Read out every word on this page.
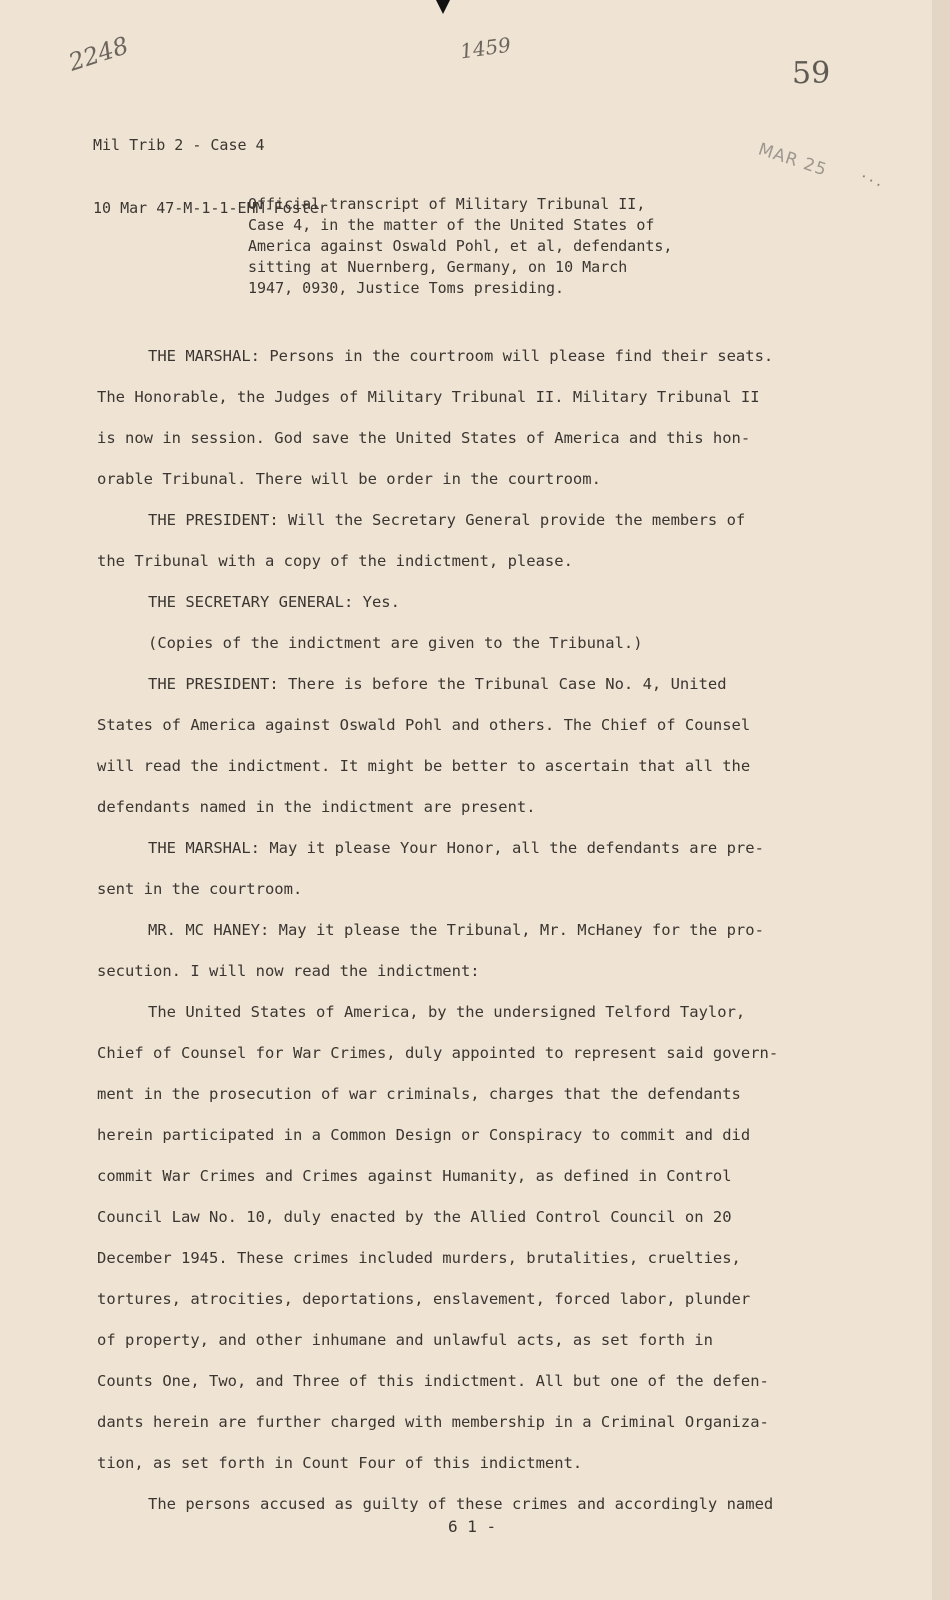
2248	1459
59
MAR 25 ...

Mil Trib 2 - Case 4

10 Mar 47-M-1-1-EHM-Foster

Official transcript of Military Tribunal II,
Case 4, in the matter of the United States of
America against Oswald Pohl, et al, defendants,
sitting at Nuernberg, Germany, on 10 March
1947, 0930, Justice Toms presiding.
THE MARSHAL: Persons in the courtroom will please find their seats.
The Honorable, the Judges of Military Tribunal II. Military Tribunal II
is now in session. God save the United States of America and this hon-
orable Tribunal. There will be order in the courtroom.
THE PRESIDENT: Will the Secretary General provide the members of
the Tribunal with a copy of the indictment, please.
THE SECRETARY GENERAL: Yes.
(Copies of the indictment are given to the Tribunal.)
THE PRESIDENT: There is before the Tribunal Case No. 4, United
States of America against Oswald Pohl and others. The Chief of Counsel
will read the indictment. It might be better to ascertain that all the
defendants named in the indictment are present.
THE MARSHAL: May it please Your Honor, all the defendants are pre-
sent in the courtroom.
MR. MC HANEY: May it please the Tribunal, Mr. McHaney for the pro-
secution. I will now read the indictment:
The United States of America, by the undersigned Telford Taylor,
Chief of Counsel for War Crimes, duly appointed to represent said govern-
ment in the prosecution of war criminals, charges that the defendants
herein participated in a Common Design or Conspiracy to commit and did
commit War Crimes and Crimes against Humanity, as defined in Control
Council Law No. 10, duly enacted by the Allied Control Council on 20
December 1945. These crimes included murders, brutalities, cruelties,
tortures, atrocities, deportations, enslavement, forced labor, plunder
of property, and other inhumane and unlawful acts, as set forth in
Counts One, Two, and Three of this indictment. All but one of the defen-
dants herein are further charged with membership in a Criminal Organiza-
tion, as set forth in Count Four of this indictment.
The persons accused as guilty of these crimes and accordingly named
6 1 -
